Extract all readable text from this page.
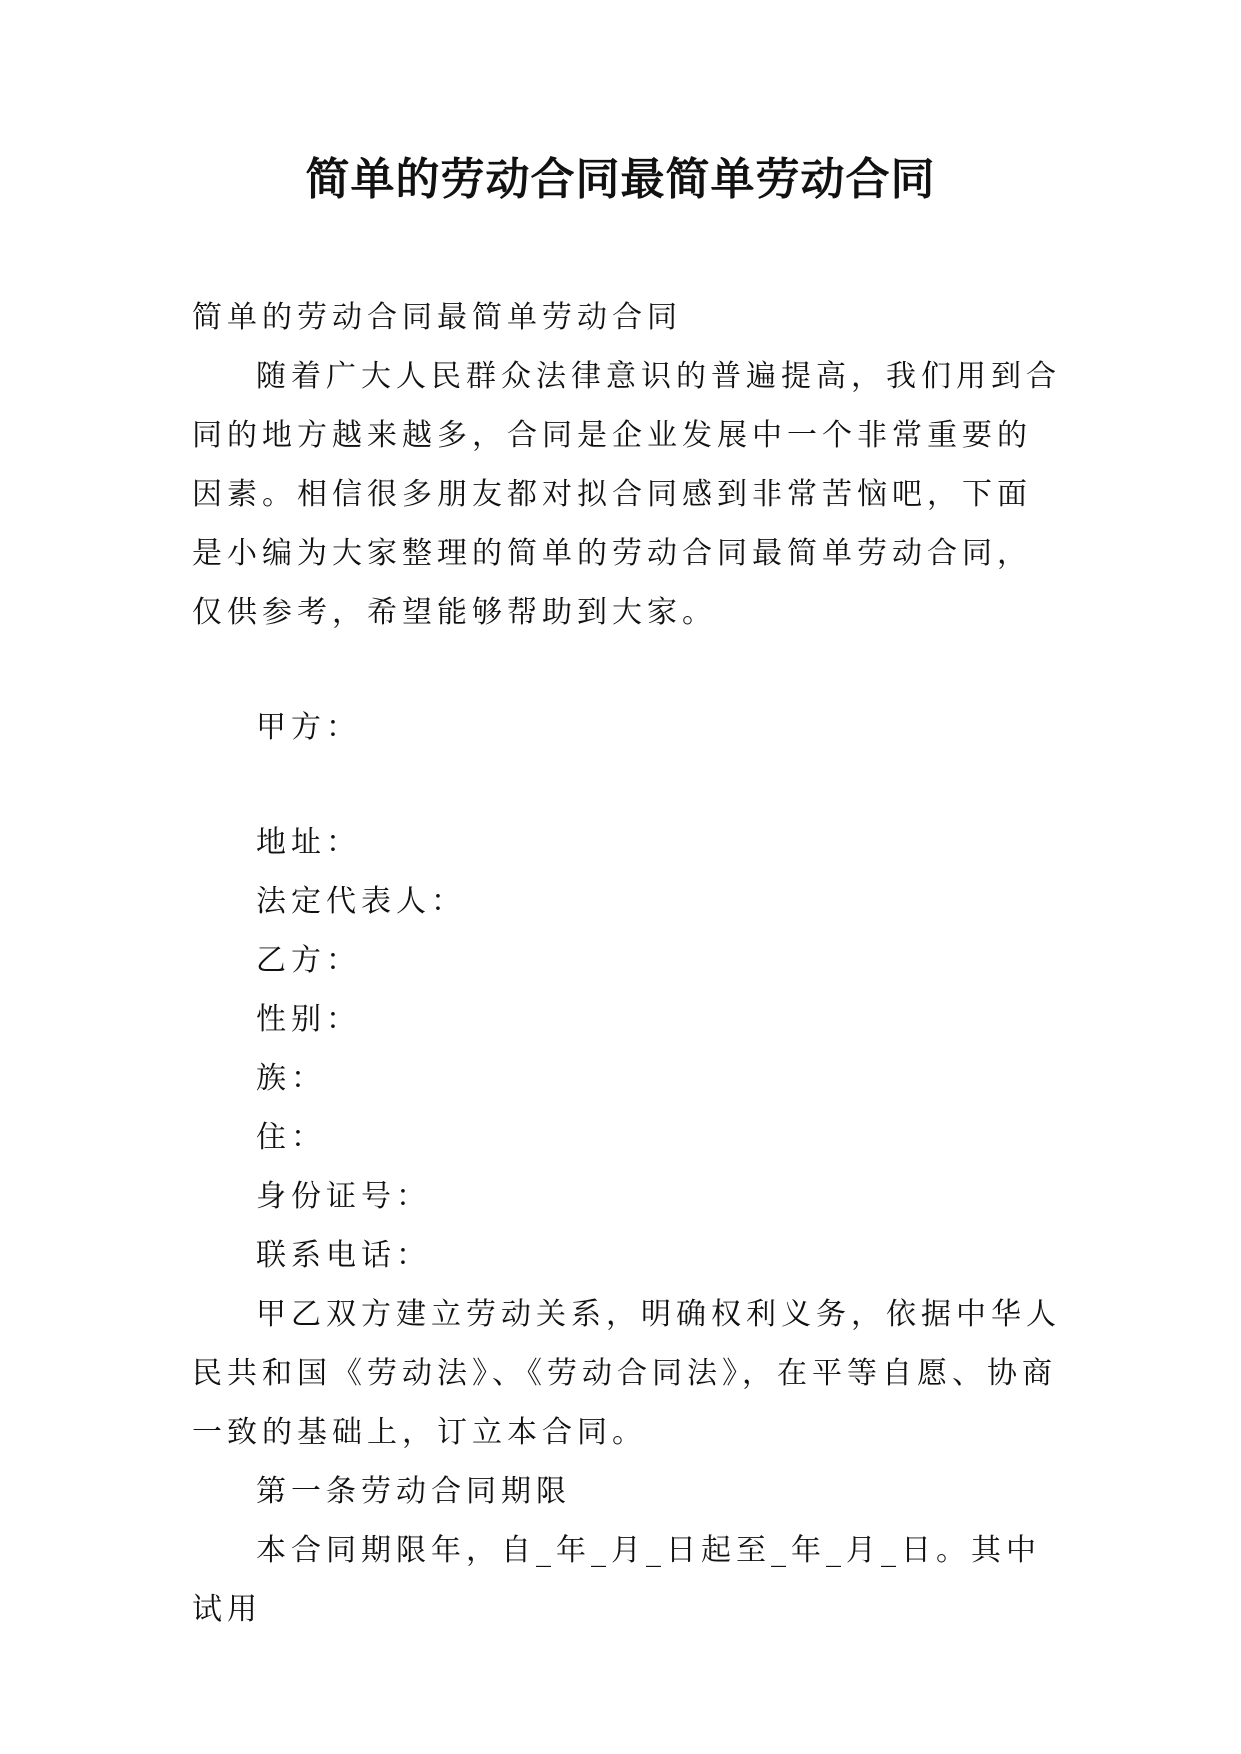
简单的劳动合同最简单劳动合同

简单的劳动合同最简单劳动合同

随着广大人民群众法律意识的普遍提高，我们用到合同的地方越来越多，合同是企业发展中一个非常重要的因素。相信很多朋友都对拟合同感到非常苦恼吧，下面是小编为大家整理的简单的劳动合同最简单劳动合同，仅供参考，希望能够帮助到大家。

甲方：

地址：

法定代表人：

乙方：

性别：

族：

住：

身份证号：

联系电话：

甲乙双方建立劳动关系，明确权利义务，依据中华人民共和国《劳动法》、《劳动合同法》，在平等自愿、协商一致的基础上，订立本合同。

第一条劳动合同期限

本合同期限年，自_年_月_日起至_年_月_日。其中试用
